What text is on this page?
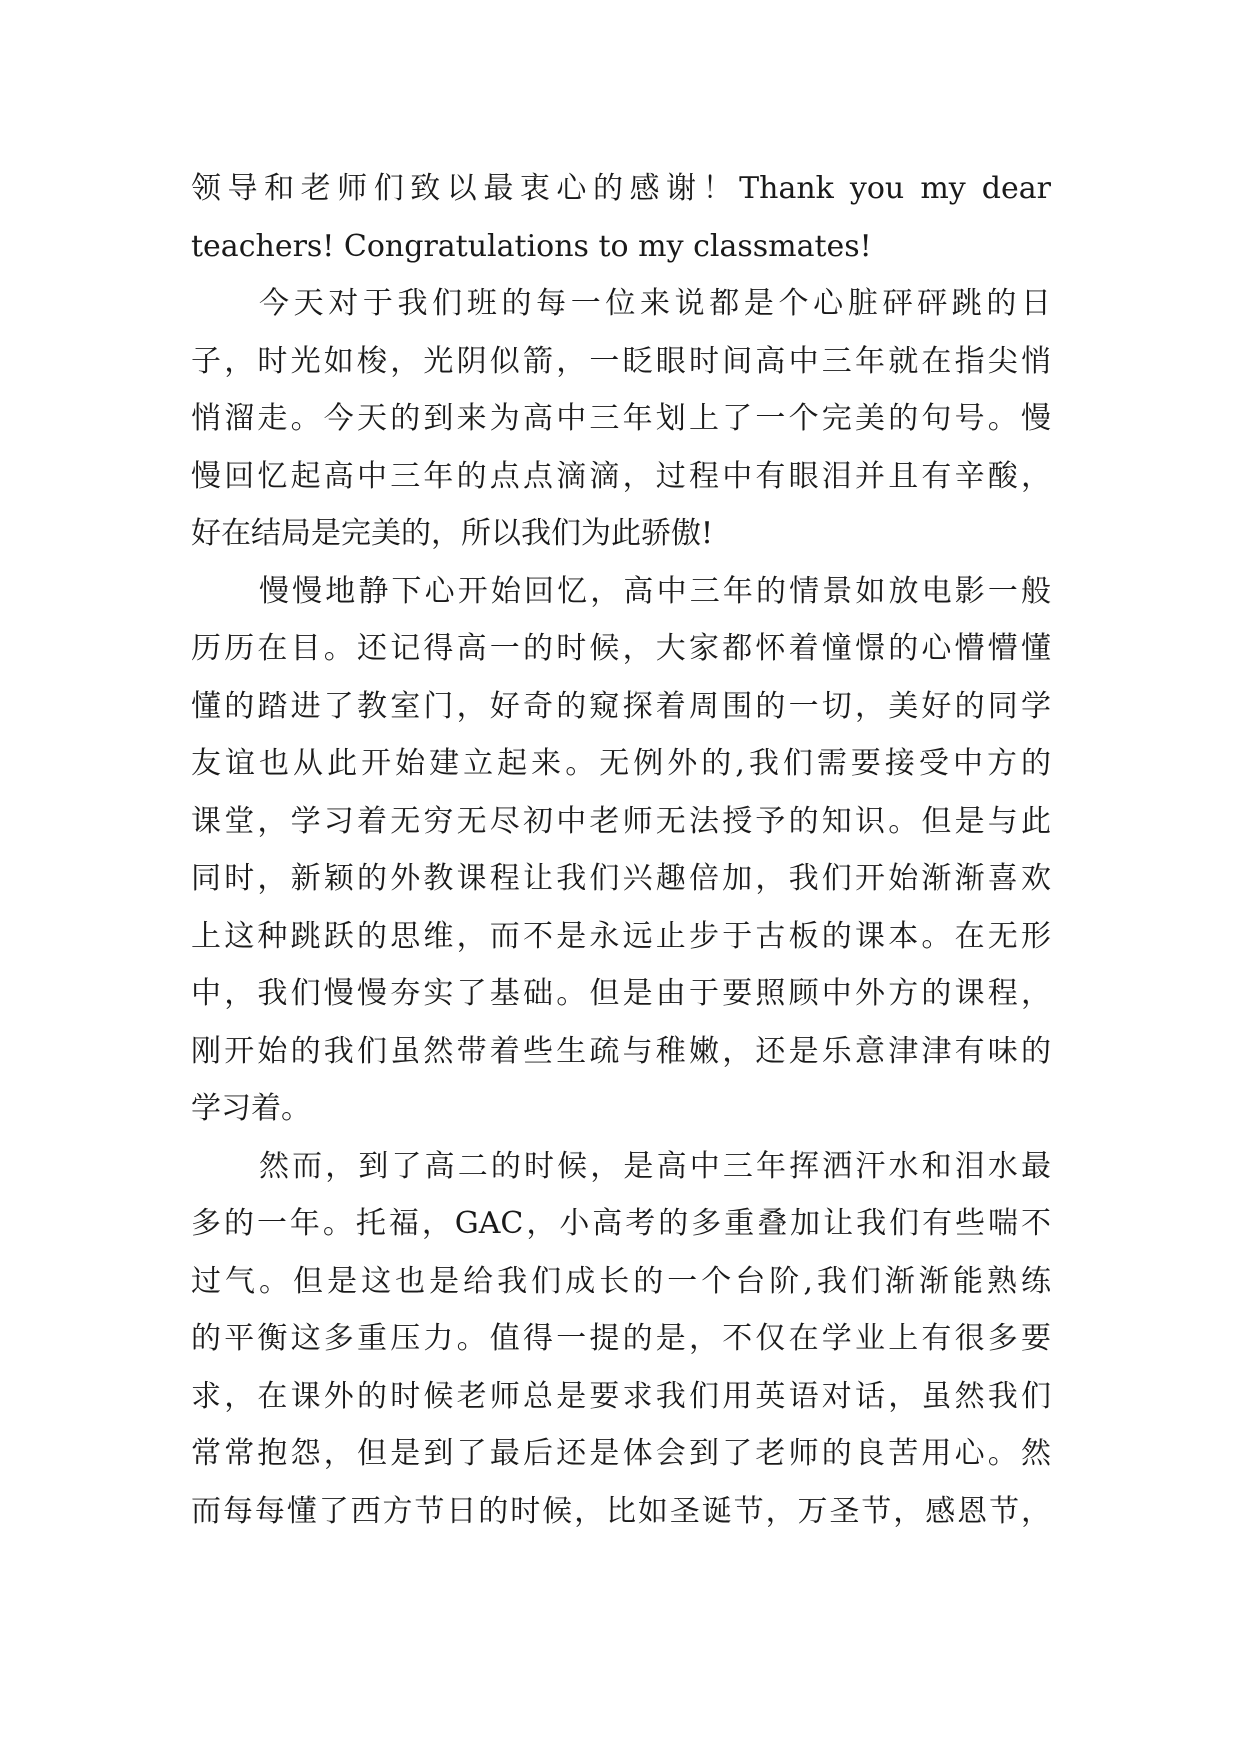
领导和老师们致以最衷心的感谢！Thank you my dear
teachers! Congratulations to my classmates!
今天对于我们班的每一位来说都是个心脏砰砰跳的日
子，时光如梭，光阴似箭，一眨眼时间高中三年就在指尖悄
悄溜走。今天的到来为高中三年划上了一个完美的句号。慢
慢回忆起高中三年的点点滴滴，过程中有眼泪并且有辛酸，
好在结局是完美的，所以我们为此骄傲!
慢慢地静下心开始回忆，高中三年的情景如放电影一般
历历在目。还记得高一的时候，大家都怀着憧憬的心懵懵懂
懂的踏进了教室门，好奇的窥探着周围的一切，美好的同学
友谊也从此开始建立起来。无例外的,我们需要接受中方的
课堂，学习着无穷无尽初中老师无法授予的知识。但是与此
同时，新颖的外教课程让我们兴趣倍加，我们开始渐渐喜欢
上这种跳跃的思维，而不是永远止步于古板的课本。在无形
中，我们慢慢夯实了基础。但是由于要照顾中外方的课程，
刚开始的我们虽然带着些生疏与稚嫩，还是乐意津津有味的
学习着。
然而，到了高二的时候，是高中三年挥洒汗水和泪水最
多的一年。托福，GAC，小高考的多重叠加让我们有些喘不
过气。但是这也是给我们成长的一个台阶,我们渐渐能熟练
的平衡这多重压力。值得一提的是，不仅在学业上有很多要
求，在课外的时候老师总是要求我们用英语对话，虽然我们
常常抱怨，但是到了最后还是体会到了老师的良苦用心。然
而每每懂了西方节日的时候，比如圣诞节，万圣节，感恩节，
